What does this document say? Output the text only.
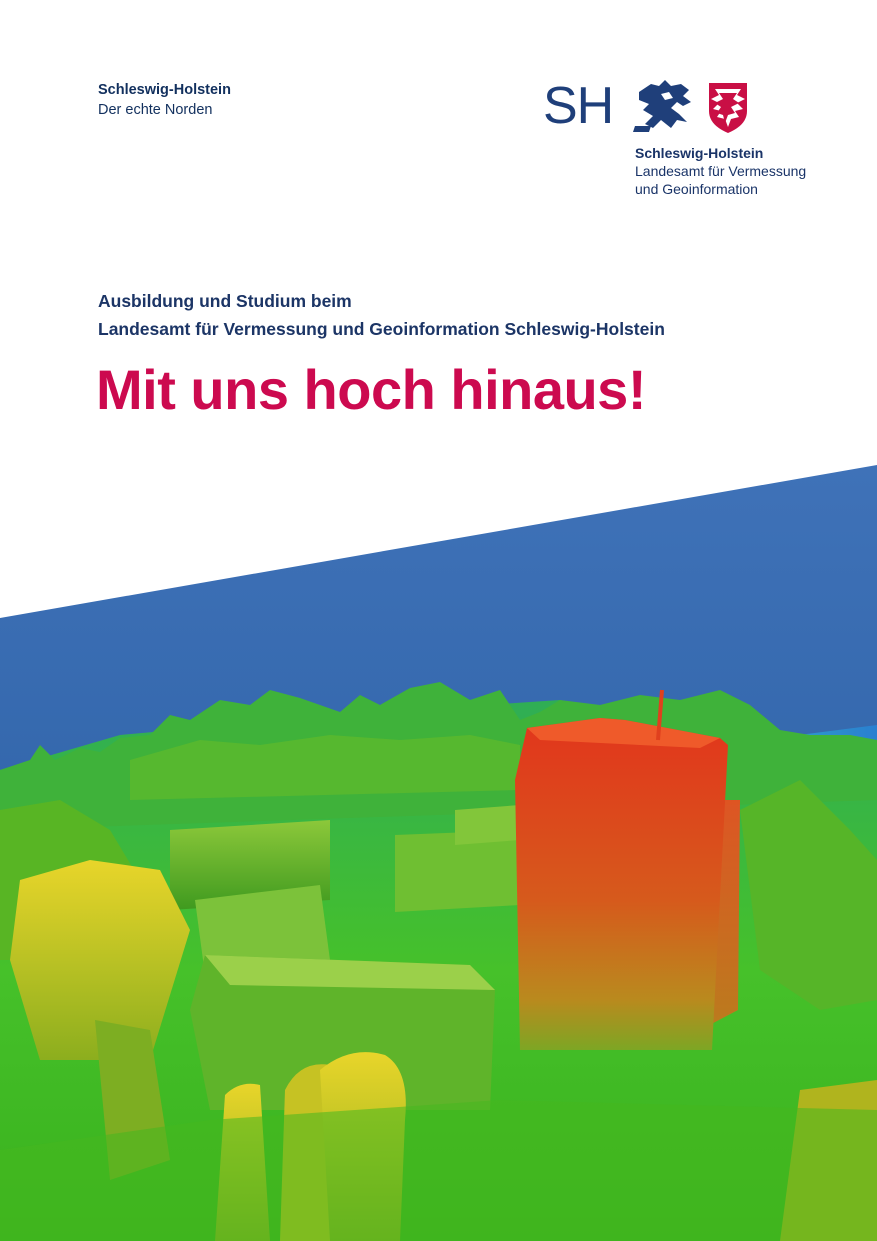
Schleswig-Holstein
Der echte Norden	SH
Schleswig-Holstein
Landesamt für Vermessung
und Geoinformation
Ausbildung und Studium beim
Landesamt für Vermessung und Geoinformation Schleswig-Holstein
Mit uns hoch hinaus!
